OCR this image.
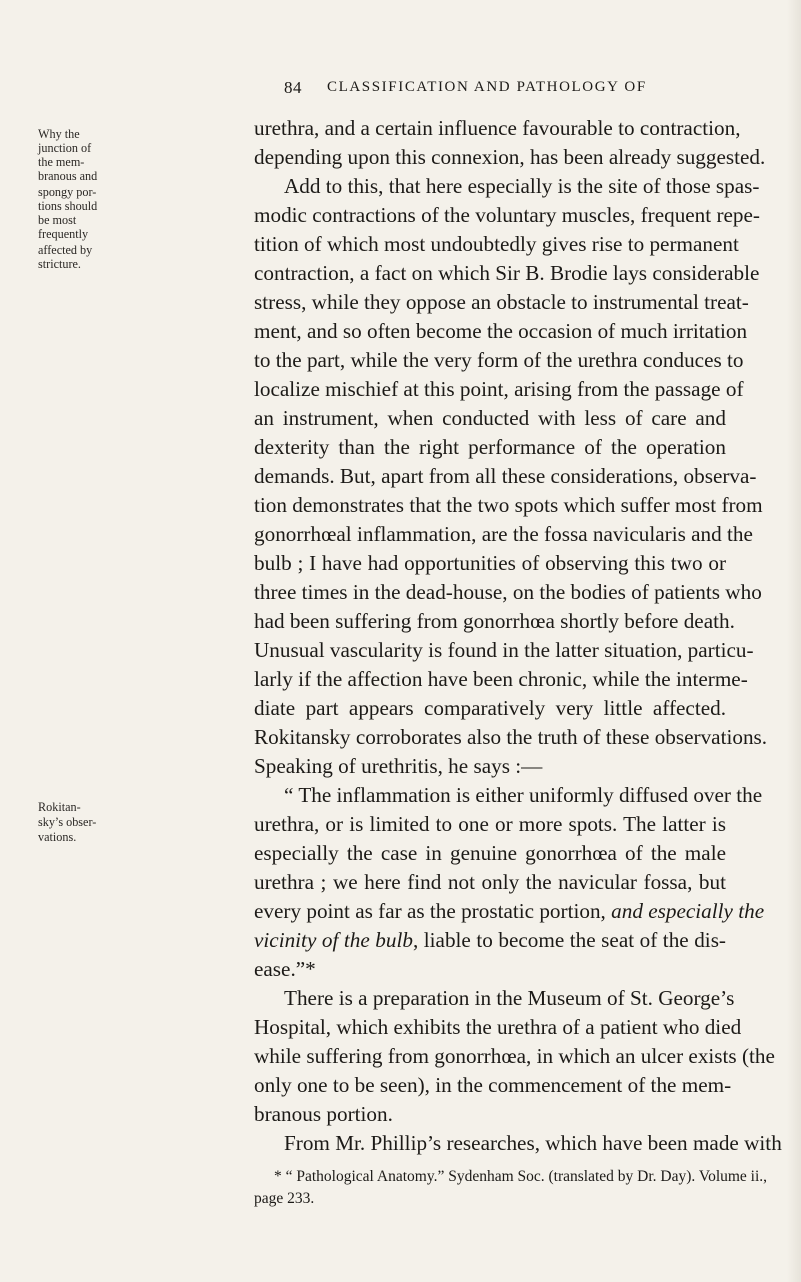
84 CLASSIFICATION AND PATHOLOGY OF
Why the
junction of
the mem-
branous and
spongy por-
tions should
be most
frequently
affected by
stricture.
Rokitan-
sky’s obser-
vations.
urethra, and a certain influence favourable to contraction,
depending upon this connexion, has been already suggested.
Add to this, that here especially is the site of those spas-
modic contractions of the voluntary muscles, frequent repe-
tition of which most undoubtedly gives rise to permanent
contraction, a fact on which Sir B. Brodie lays considerable
stress, while they oppose an obstacle to instrumental treat-
ment, and so often become the occasion of much irritation
to the part, while the very form of the urethra conduces to
localize mischief at this point, arising from the passage of
an instrument, when conducted with less of care and
dexterity than the right performance of the operation
demands. But, apart from all these considerations, observa-
tion demonstrates that the two spots which suffer most from
gonorrhœal inflammation, are the fossa navicularis and the
bulb ; I have had opportunities of observing this two or
three times in the dead-house, on the bodies of patients who
had been suffering from gonorrhœa shortly before death.
Unusual vascularity is found in the latter situation, particu-
larly if the affection have been chronic, while the interme-
diate part appears comparatively very little affected.
Rokitansky corroborates also the truth of these observations.
Speaking of urethritis, he says :—
“ The inflammation is either uniformly diffused over the
urethra, or is limited to one or more spots. The latter is
especially the case in genuine gonorrhœa of the male
urethra ; we here find not only the navicular fossa, but
every point as far as the prostatic portion, and especially the
vicinity of the bulb, liable to become the seat of the dis-
ease.”*
There is a preparation in the Museum of St. George’s
Hospital, which exhibits the urethra of a patient who died
while suffering from gonorrhœa, in which an ulcer exists (the
only one to be seen), in the commencement of the mem-
branous portion.
From Mr. Phillip’s researches, which have been made with
* “ Pathological Anatomy.” Sydenham Soc. (translated by Dr. Day). Volume ii.,
page 233.
